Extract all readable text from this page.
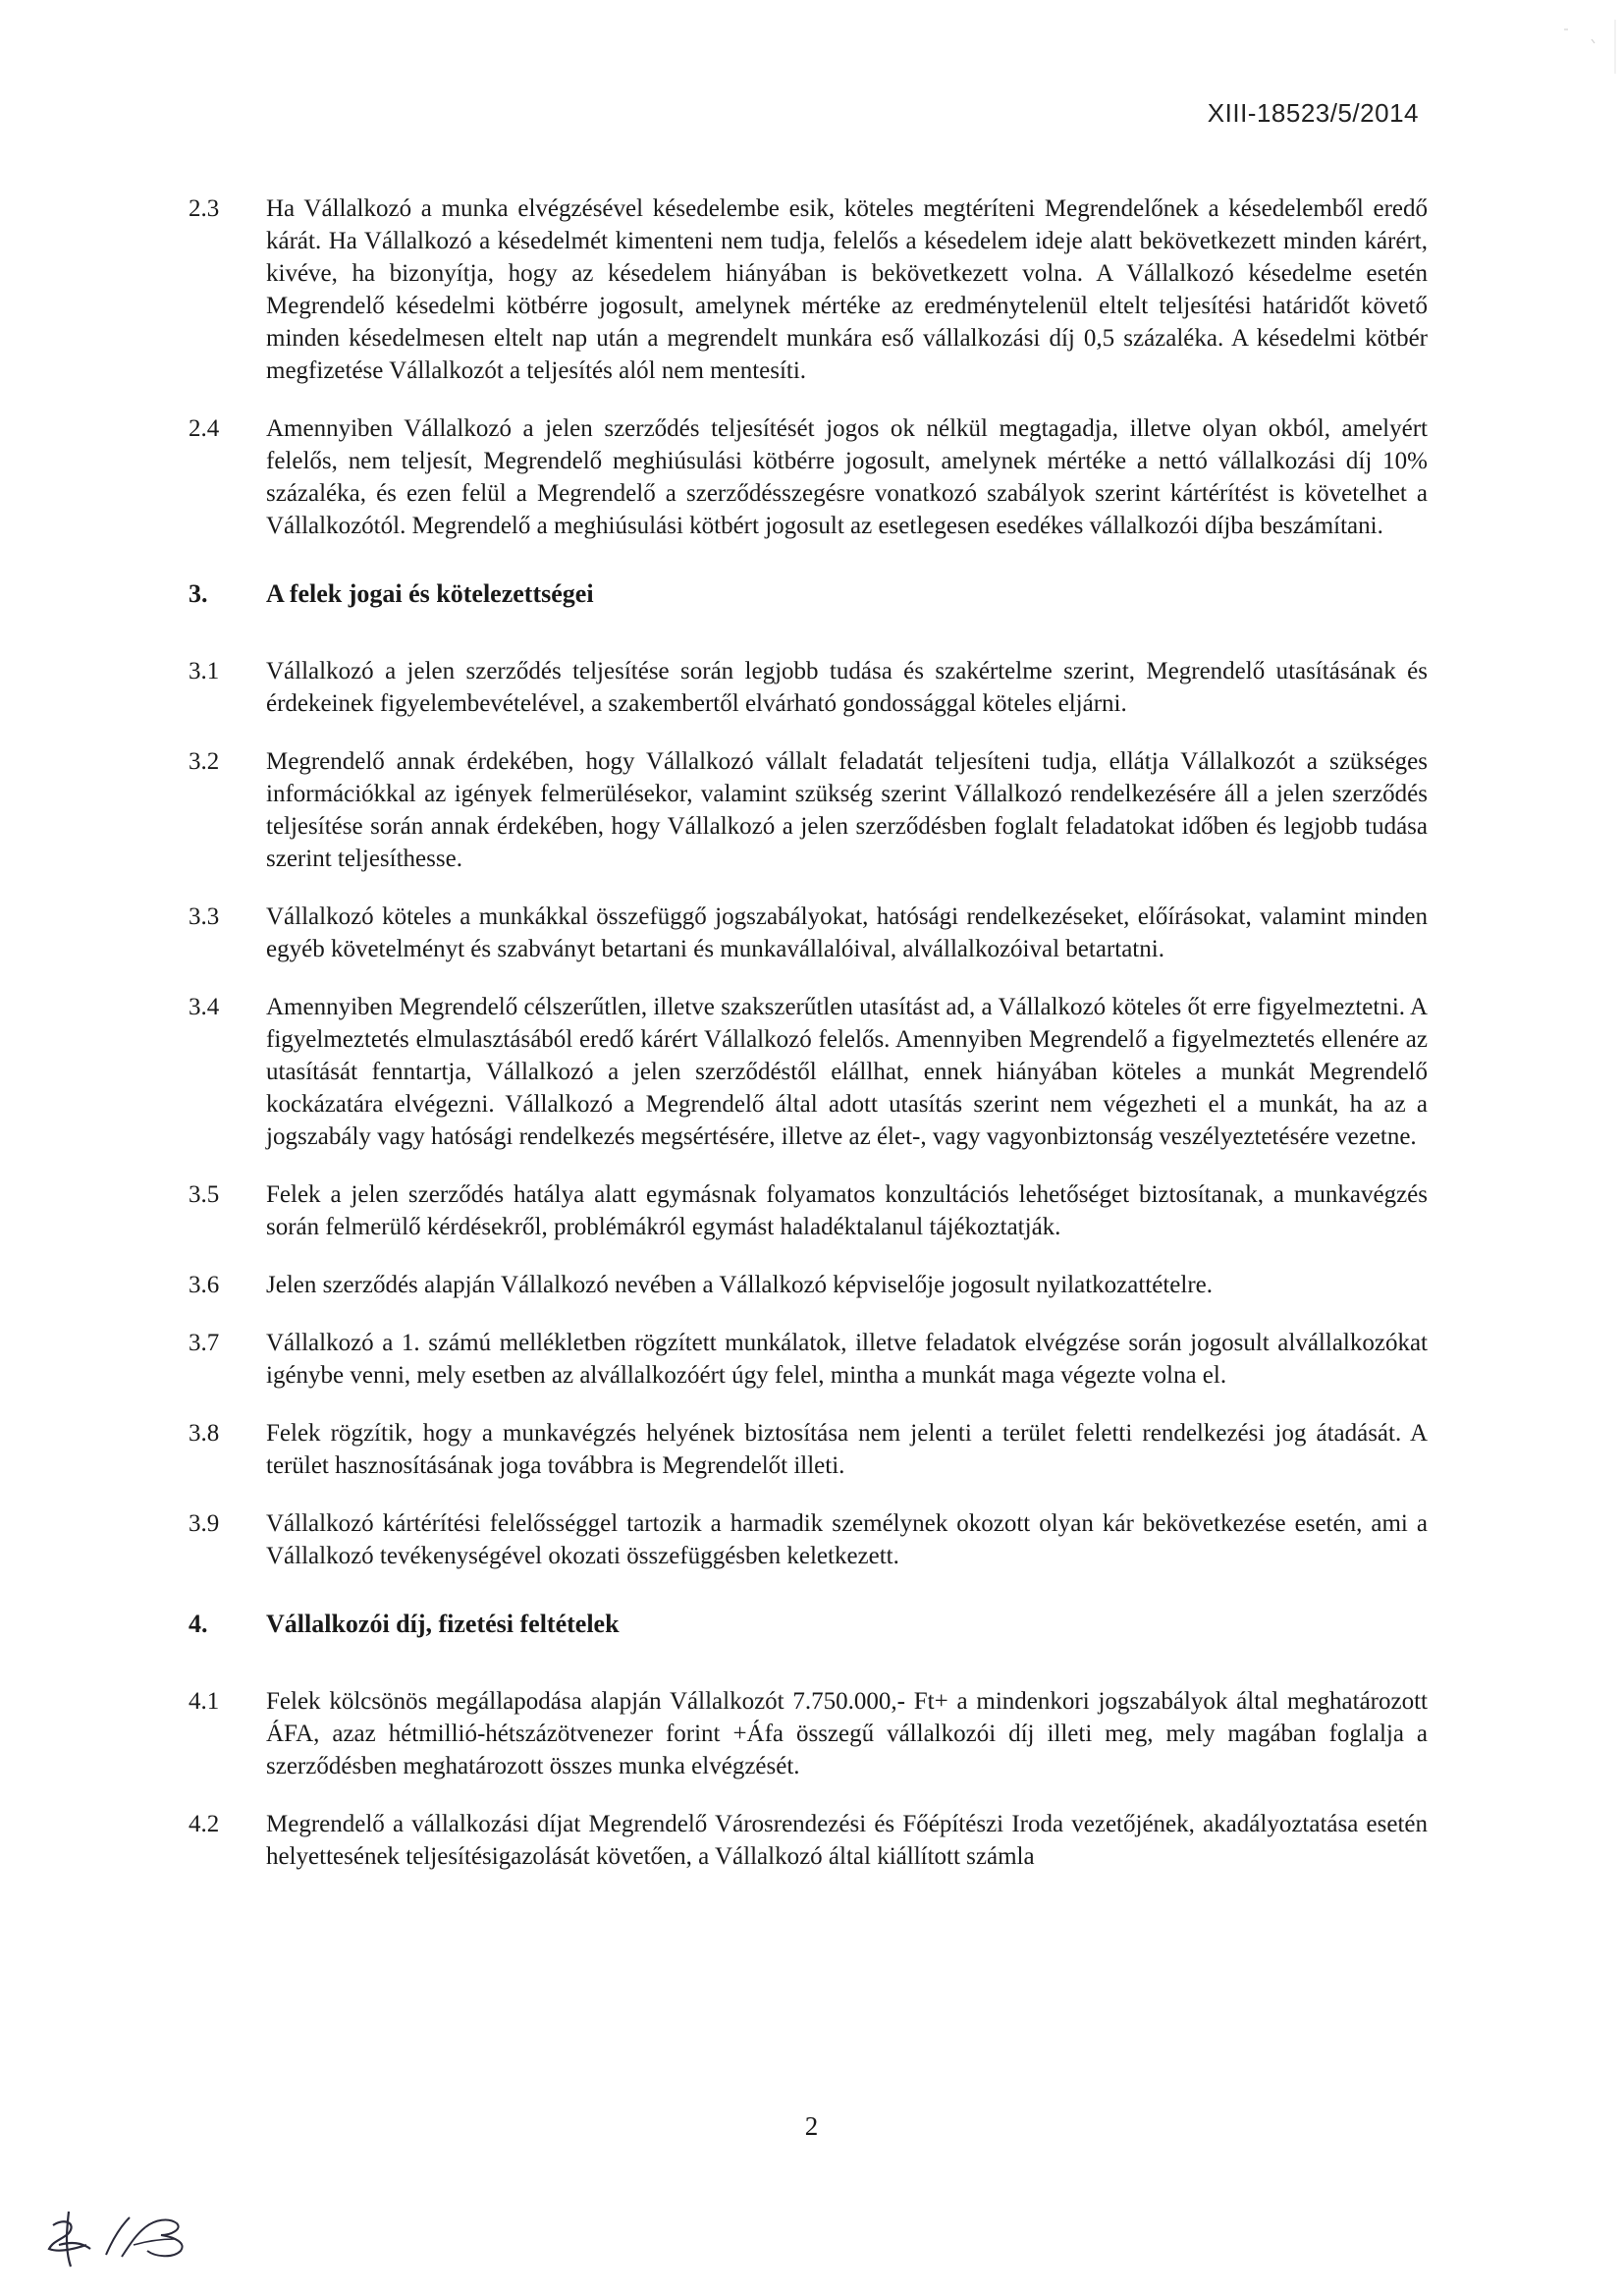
XIII-18523/5/2014
2.3	Ha Vállalkozó a munka elvégzésével késedelembe esik, köteles megtéríteni Megrendelőnek a késedelemből eredő kárát. Ha Vállalkozó a késedelmét kimenteni nem tudja, felelős a késedelem ideje alatt bekövetkezett minden kárért, kivéve, ha bizonyítja, hogy az késedelem hiányában is bekövetkezett volna. A Vállalkozó késedelme esetén Megrendelő késedelmi kötbérre jogosult, amelynek mértéke az eredménytelenül eltelt teljesítési határidőt követő minden késedelmesen eltelt nap után a megrendelt munkára eső vállalkozási díj 0,5 százaléka. A késedelmi kötbér megfizetése Vállalkozót a teljesítés alól nem mentesíti.
2.4	Amennyiben Vállalkozó a jelen szerződés teljesítését jogos ok nélkül megtagadja, illetve olyan okból, amelyért felelős, nem teljesít, Megrendelő meghiúsulási kötbérre jogosult, amelynek mértéke a nettó vállalkozási díj 10% százaléka, és ezen felül a Megrendelő a szerződésszegésre vonatkozó szabályok szerint kártérítést is követelhet a Vállalkozótól. Megrendelő a meghiúsulási kötbért jogosult az esetlegesen esedékes vállalkozói díjba beszámítani.
3.	A felek jogai és kötelezettségei
3.1	Vállalkozó a jelen szerződés teljesítése során legjobb tudása és szakértelme szerint, Megrendelő utasításának és érdekeinek figyelembevételével, a szakembertől elvárható gondossággal köteles eljárni.
3.2	Megrendelő annak érdekében, hogy Vállalkozó vállalt feladatát teljesíteni tudja, ellátja Vállalkozót a szükséges információkkal az igények felmerülésekor, valamint szükség szerint Vállalkozó rendelkezésére áll a jelen szerződés teljesítése során annak érdekében, hogy Vállalkozó a jelen szerződésben foglalt feladatokat időben és legjobb tudása szerint teljesíthesse.
3.3	Vállalkozó köteles a munkákkal összefüggő jogszabályokat, hatósági rendelkezéseket, előírásokat, valamint minden egyéb követelményt és szabványt betartani és munkavállalóival, alvállalkozóival betartatni.
3.4	Amennyiben Megrendelő célszerűtlen, illetve szakszerűtlen utasítást ad, a Vállalkozó köteles őt erre figyelmeztetni. A figyelmeztetés elmulasztásából eredő kárért Vállalkozó felelős. Amennyiben Megrendelő a figyelmeztetés ellenére az utasítását fenntartja, Vállalkozó a jelen szerződéstől elállhat, ennek hiányában köteles a munkát Megrendelő kockázatára elvégezni. Vállalkozó a Megrendelő által adott utasítás szerint nem végezheti el a munkát, ha az a jogszabály vagy hatósági rendelkezés megsértésére, illetve az élet-, vagy vagyonbiztonság veszélyeztetésére vezetne.
3.5	Felek a jelen szerződés hatálya alatt egymásnak folyamatos konzultációs lehetőséget biztosítanak, a munkavégzés során felmerülő kérdésekről, problémákról egymást haladéktalanul tájékoztatják.
3.6	Jelen szerződés alapján Vállalkozó nevében a Vállalkozó képviselője jogosult nyilatkozattételre.
3.7	Vállalkozó a 1. számú mellékletben rögzített munkálatok, illetve feladatok elvégzése során jogosult alvállalkozókat igénybe venni, mely esetben az alvállalkozóért úgy felel, mintha a munkát maga végezte volna el.
3.8	Felek rögzítik, hogy a munkavégzés helyének biztosítása nem jelenti a terület feletti rendelkezési jog átadását. A terület hasznosításának joga továbbra is Megrendelőt illeti.
3.9	Vállalkozó kártérítési felelősséggel tartozik a harmadik személynek okozott olyan kár bekövetkezése esetén, ami a Vállalkozó tevékenységével okozati összefüggésben keletkezett.
4.	Vállalkozói díj, fizetési feltételek
4.1	Felek kölcsönös megállapodása alapján Vállalkozót 7.750.000,- Ft+ a mindenkori jogszabályok által meghatározott ÁFA, azaz hétmillió-hétszázötvenezer forint +Áfa összegű vállalkozói díj illeti meg, mely magában foglalja a szerződésben meghatározott összes munka elvégzését.
4.2	Megrendelő a vállalkozási díjat Megrendelő Városrendezési és Főépítészi Iroda vezetőjének, akadályoztatása esetén helyettesének teljesítésigazolását követően, a Vállalkozó által kiállított számla
2
